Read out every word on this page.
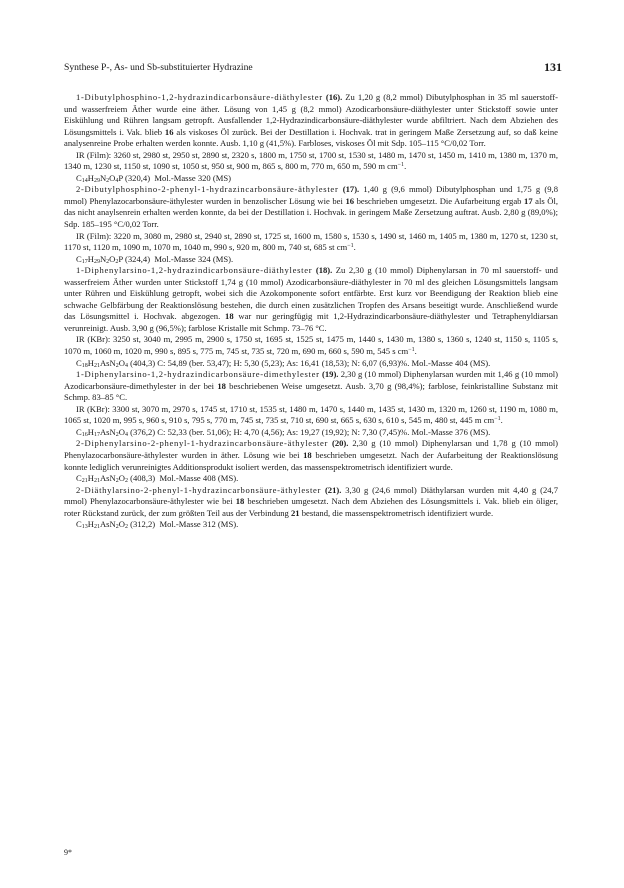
Synthese P-, As- und Sb-substituierter Hydrazine	131

1-Dibutylphosphino-1,2-hydrazindicarbonsäure-diäthylester (16). Zu 1,20 g (8,2 mmol) Dibutylphosphan in 35 ml sauerstoff- und wasserfreiem Äther wurde eine äther. Lösung von 1,45 g (8,2 mmol) Azodicarbonsäure-diäthylester unter Stickstoff sowie unter Eiskühlung und Rühren langsam getropft. Ausfallender 1,2-Hydrazindicarbonsäure-diäthylester wurde abfiltriert. Nach dem Abziehen des Lösungsmittels i. Vak. blieb 16 als viskoses Öl zurück. Bei der Destillation i. Hochvak. trat in geringem Maße Zersetzung auf, so daß keine analysenreine Probe erhalten werden konnte. Ausb. 1,10 g (41,5%). Farbloses, viskoses Öl mit Sdp. 105–115 °C/0,02 Torr.

IR (Film): 3260 st, 2980 st, 2950 st, 2890 st, 2320 s, 1800 m, 1750 st, 1700 st, 1530 st, 1480 m, 1470 st, 1450 m, 1410 m, 1380 m, 1370 m, 1340 m, 1230 st, 1150 st, 1090 st, 1050 st, 950 st, 900 m, 865 s, 800 m, 770 m, 650 m, 590 m $cm^{-1}$.

$C_{14}H_{29}N_2O_4P$ (320,4) Mol.-Masse 320 (MS)

2-Dibutylphosphino-2-phenyl-1-hydrazincarbonsäure-äthylester (17). 1,40 g (9,6 mmol) Dibutylphosphan und 1,75 g (9,8 mmol) Phenylazocarbonsäure-äthylester wurden in benzolischer Lösung wie bei 16 beschrieben umgesetzt. Die Aufarbeitung ergab 17 als Öl, das nicht anaylsenrein erhalten werden konnte, da bei der Destillation i. Hochvak. in geringem Maße Zersetzung auftrat. Ausb. 2,80 g (89,0%); Sdp. 185–195 °C/0,02 Torr.

IR (Film): 3220 m, 3080 m, 2980 st, 2940 st, 2890 st, 1725 st, 1600 m, 1580 s, 1530 s, 1490 st, 1460 m, 1405 m, 1380 m, 1270 st, 1230 st, 1170 st, 1120 m, 1090 m, 1070 m, 1040 m, 990 s, 920 m, 800 m, 740 st, 685 st $cm^{-1}$.

$C_{17}H_{29}N_2O_2P$ (324,4) Mol.-Masse 324 (MS).

1-Diphenylarsino-1,2-hydrazindicarbonsäure-diäthylester (18). Zu 2,30 g (10 mmol) Diphenylarsan in 70 ml sauerstoff- und wasserfreiem Äther wurden unter Stickstoff 1,74 g (10 mmol) Azodicarbonsäure-diäthylester in 70 ml des gleichen Lösungsmittels langsam unter Rühren und Eiskühlung getropft, wobei sich die Azokomponente sofort entfärbte. Erst kurz vor Beendigung der Reaktion blieb eine schwache Gelbfärbung der Reaktionslösung bestehen, die durch einen zusätzlichen Tropfen des Arsans beseitigt wurde. Anschließend wurde das Lösungsmittel i. Hochvak. abgezogen. 18 war nur geringfügig mit 1,2-Hydrazindicarbonsäure-diäthylester und Tetraphenyldiarsan verunreinigt. Ausb. 3,90 g (96,5%); farblose Kristalle mit Schmp. 73–76 °C.

IR (KBr): 3250 st, 3040 m, 2995 m, 2900 s, 1750 st, 1695 st, 1525 st, 1475 m, 1440 s, 1430 m, 1380 s, 1360 s, 1240 st, 1150 s, 1105 s, 1070 m, 1060 m, 1020 m, 990 s, 895 s, 775 m, 745 st, 735 st, 720 m, 690 m, 660 s, 590 m, 545 s $cm^{-1}$.

$C_{18}H_{21}AsN_2O_4$ (404,3) C: 54,89 (ber. 53,47); H: 5,30 (5,23); As: 16,41 (18,53); N: 6,07 (6,93)%. Mol.-Masse 404 (MS).

1-Diphenylarsino-1,2-hydrazindicarbonsäure-dimethylester (19). 2,30 g (10 mmol) Diphenylarsan wurden mit 1,46 g (10 mmol) Azodicarbonsäure-dimethylester in der bei 18 beschriebenen Weise umgesetzt. Ausb. 3,70 g (98,4%); farblose, feinkristalline Substanz mit Schmp. 83–85 °C.

IR (KBr): 3300 st, 3070 m, 2970 s, 1745 st, 1710 st, 1535 st, 1480 m, 1470 s, 1440 m, 1435 st, 1430 m, 1320 m, 1260 st, 1190 m, 1080 m, 1065 st, 1020 m, 995 s, 960 s, 910 s, 795 s, 770 m, 745 st, 735 st, 710 st, 690 st, 665 s, 630 s, 610 s, 545 m, 480 st, 445 m $cm^{-1}$.

$C_{16}H_{17}AsN_2O_4$ (376,2) C: 52,33 (ber. 51,06); H: 4,70 (4,56); As: 19,27 (19,92); N: 7,30 (7,45)%. Mol.-Masse 376 (MS).

2-Diphenylarsino-2-phenyl-1-hydrazincarbonsäure-äthylester (20). 2,30 g (10 mmol) Diphenylarsan und 1,78 g (10 mmol) Phenylazocarbonsäure-äthylester wurden in äther. Lösung wie bei 18 beschrieben umgesetzt. Nach der Aufarbeitung der Reaktionslösung konnte lediglich verunreinigtes Additionsprodukt isoliert werden, das massenspektrometrisch identifiziert wurde.

$C_{21}H_{21}AsN_2O_2$ (408,3) Mol.-Masse 408 (MS).

2-Diäthylarsino-2-phenyl-1-hydrazincarbonsäure-äthylester (21). 3,30 g (24,6 mmol) Diäthylarsan wurden mit 4,40 g (24,7 mmol) Phenylazocarbonsäure-äthylester wie bei 18 beschrieben umgesetzt. Nach dem Abziehen des Lösungsmittels i. Vak. blieb ein öliger, roter Rückstand zurück, der zum größten Teil aus der Verbindung 21 bestand, die massenspektrometrisch identifiziert wurde.

$C_{13}H_{21}AsN_2O_2$ (312,2) Mol.-Masse 312 (MS).

9*
